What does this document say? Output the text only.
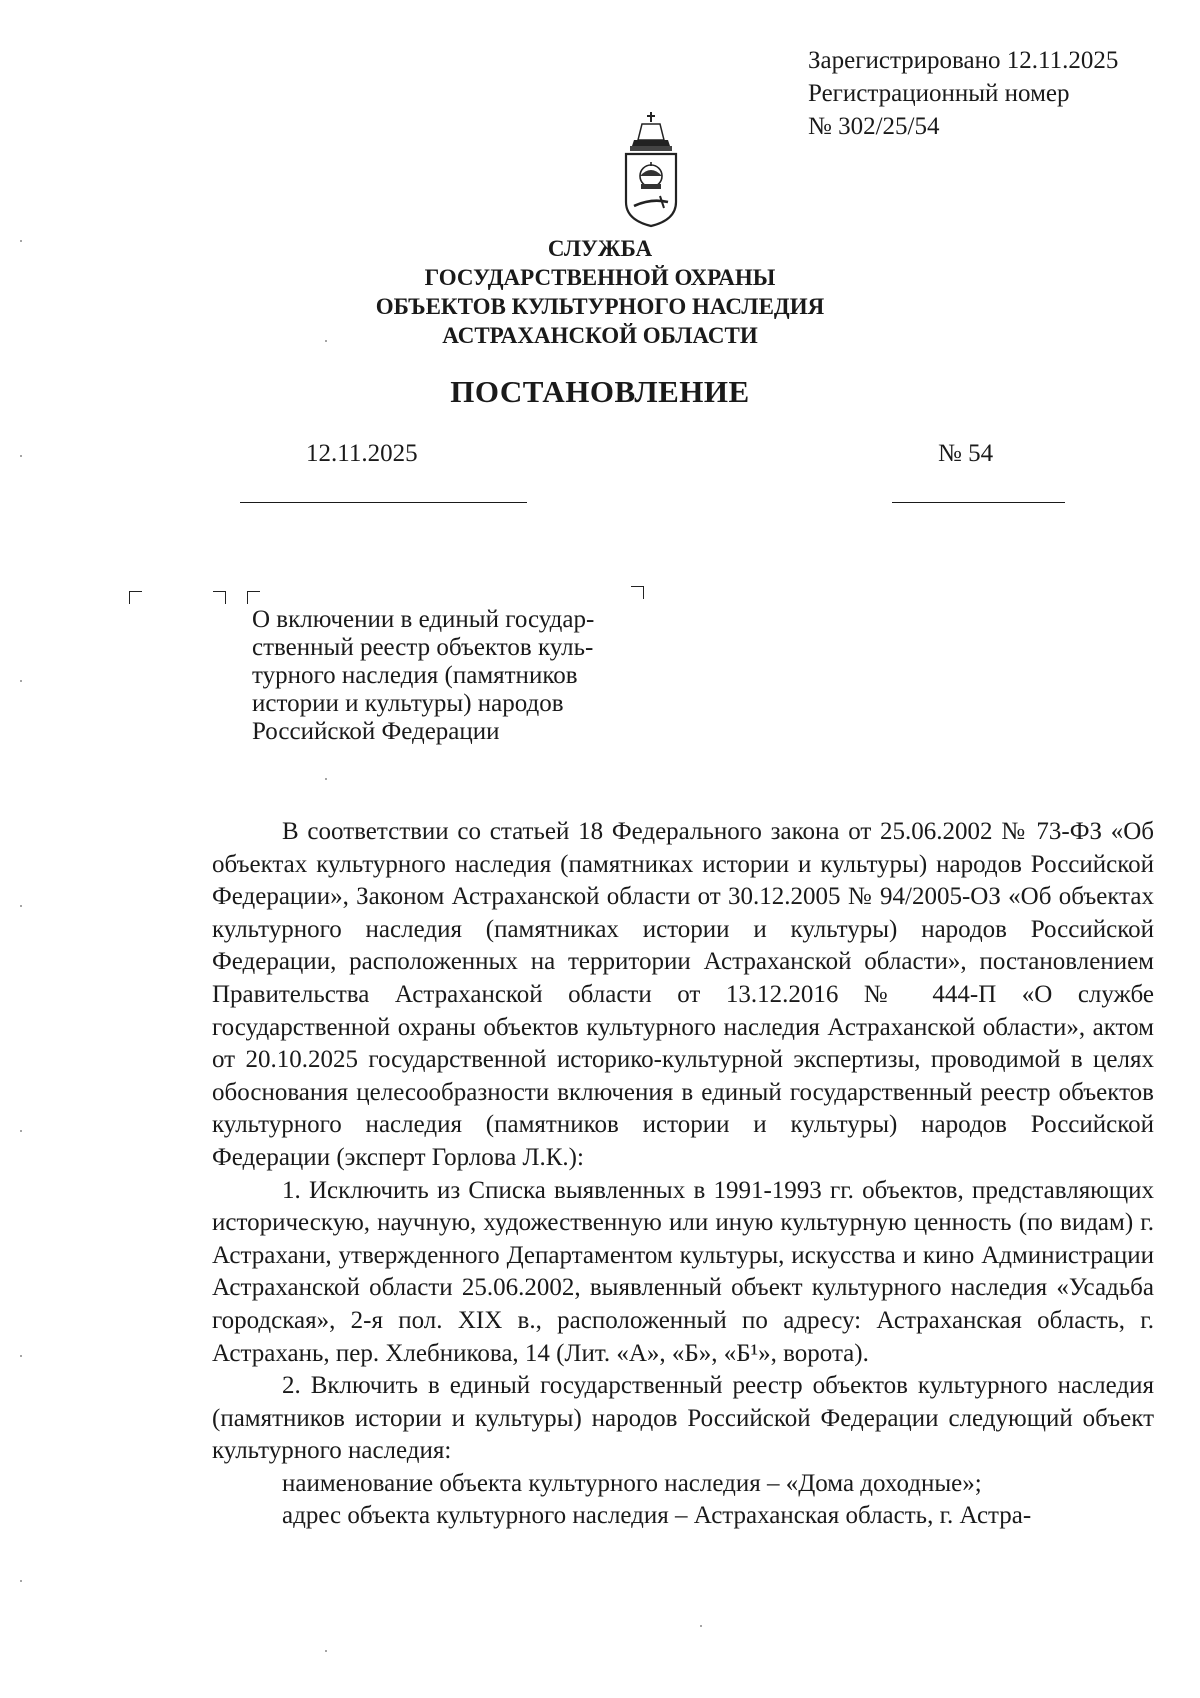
Зарегистрировано 12.11.2025
Регистрационный номер
№ 302/25/54
СЛУЖБА
ГОСУДАРСТВЕННОЙ ОХРАНЫ
ОБЪЕКТОВ КУЛЬТУРНОГО НАСЛЕДИЯ
АСТРАХАНСКОЙ ОБЛАСТИ
ПОСТАНОВЛЕНИЕ
12.11.2025	№ 54
О включении в единый государ-
ственный реестр объектов куль-
турного наследия (памятников
истории и культуры) народов
Российской Федерации

В соответствии со статьей 18 Федерального закона от 25.06.2002 № 73-ФЗ «Об объектах культурного наследия (памятниках истории и культуры) народов Российской Федерации», Законом Астраханской области от 30.12.2005 № 94/2005-ОЗ «Об объектах культурного наследия (памятниках истории и культуры) народов Российской Федерации, расположенных на территории Астраханской области», постановлением Правительства Астраханской области от 13.12.2016 № 444-П «О службе государственной охраны объектов культурного наследия Астраханской области», актом от 20.10.2025 государственной историко-культурной экспертизы, проводимой в целях обоснования целесообразности включения в единый государственный реестр объектов культурного наследия (памятников истории и культуры) народов Российской Федерации (эксперт Горлова Л.К.):

1. Исключить из Списка выявленных в 1991-1993 гг. объектов, представляющих историческую, научную, художественную или иную культурную ценность (по видам) г. Астрахани, утвержденного Департаментом культуры, искусства и кино Администрации Астраханской области 25.06.2002, выявленный объект культурного наследия «Усадьба городская», 2-я пол. XIX в., расположенный по адресу: Астраханская область, г. Астрахань, пер. Хлебникова, 14 (Лит. «А», «Б», «Б¹», ворота).

2. Включить в единый государственный реестр объектов культурного наследия (памятников истории и культуры) народов Российской Федерации следующий объект культурного наследия:

наименование объекта культурного наследия – «Дома доходные»;

адрес объекта культурного наследия – Астраханская область, г. Астра-
